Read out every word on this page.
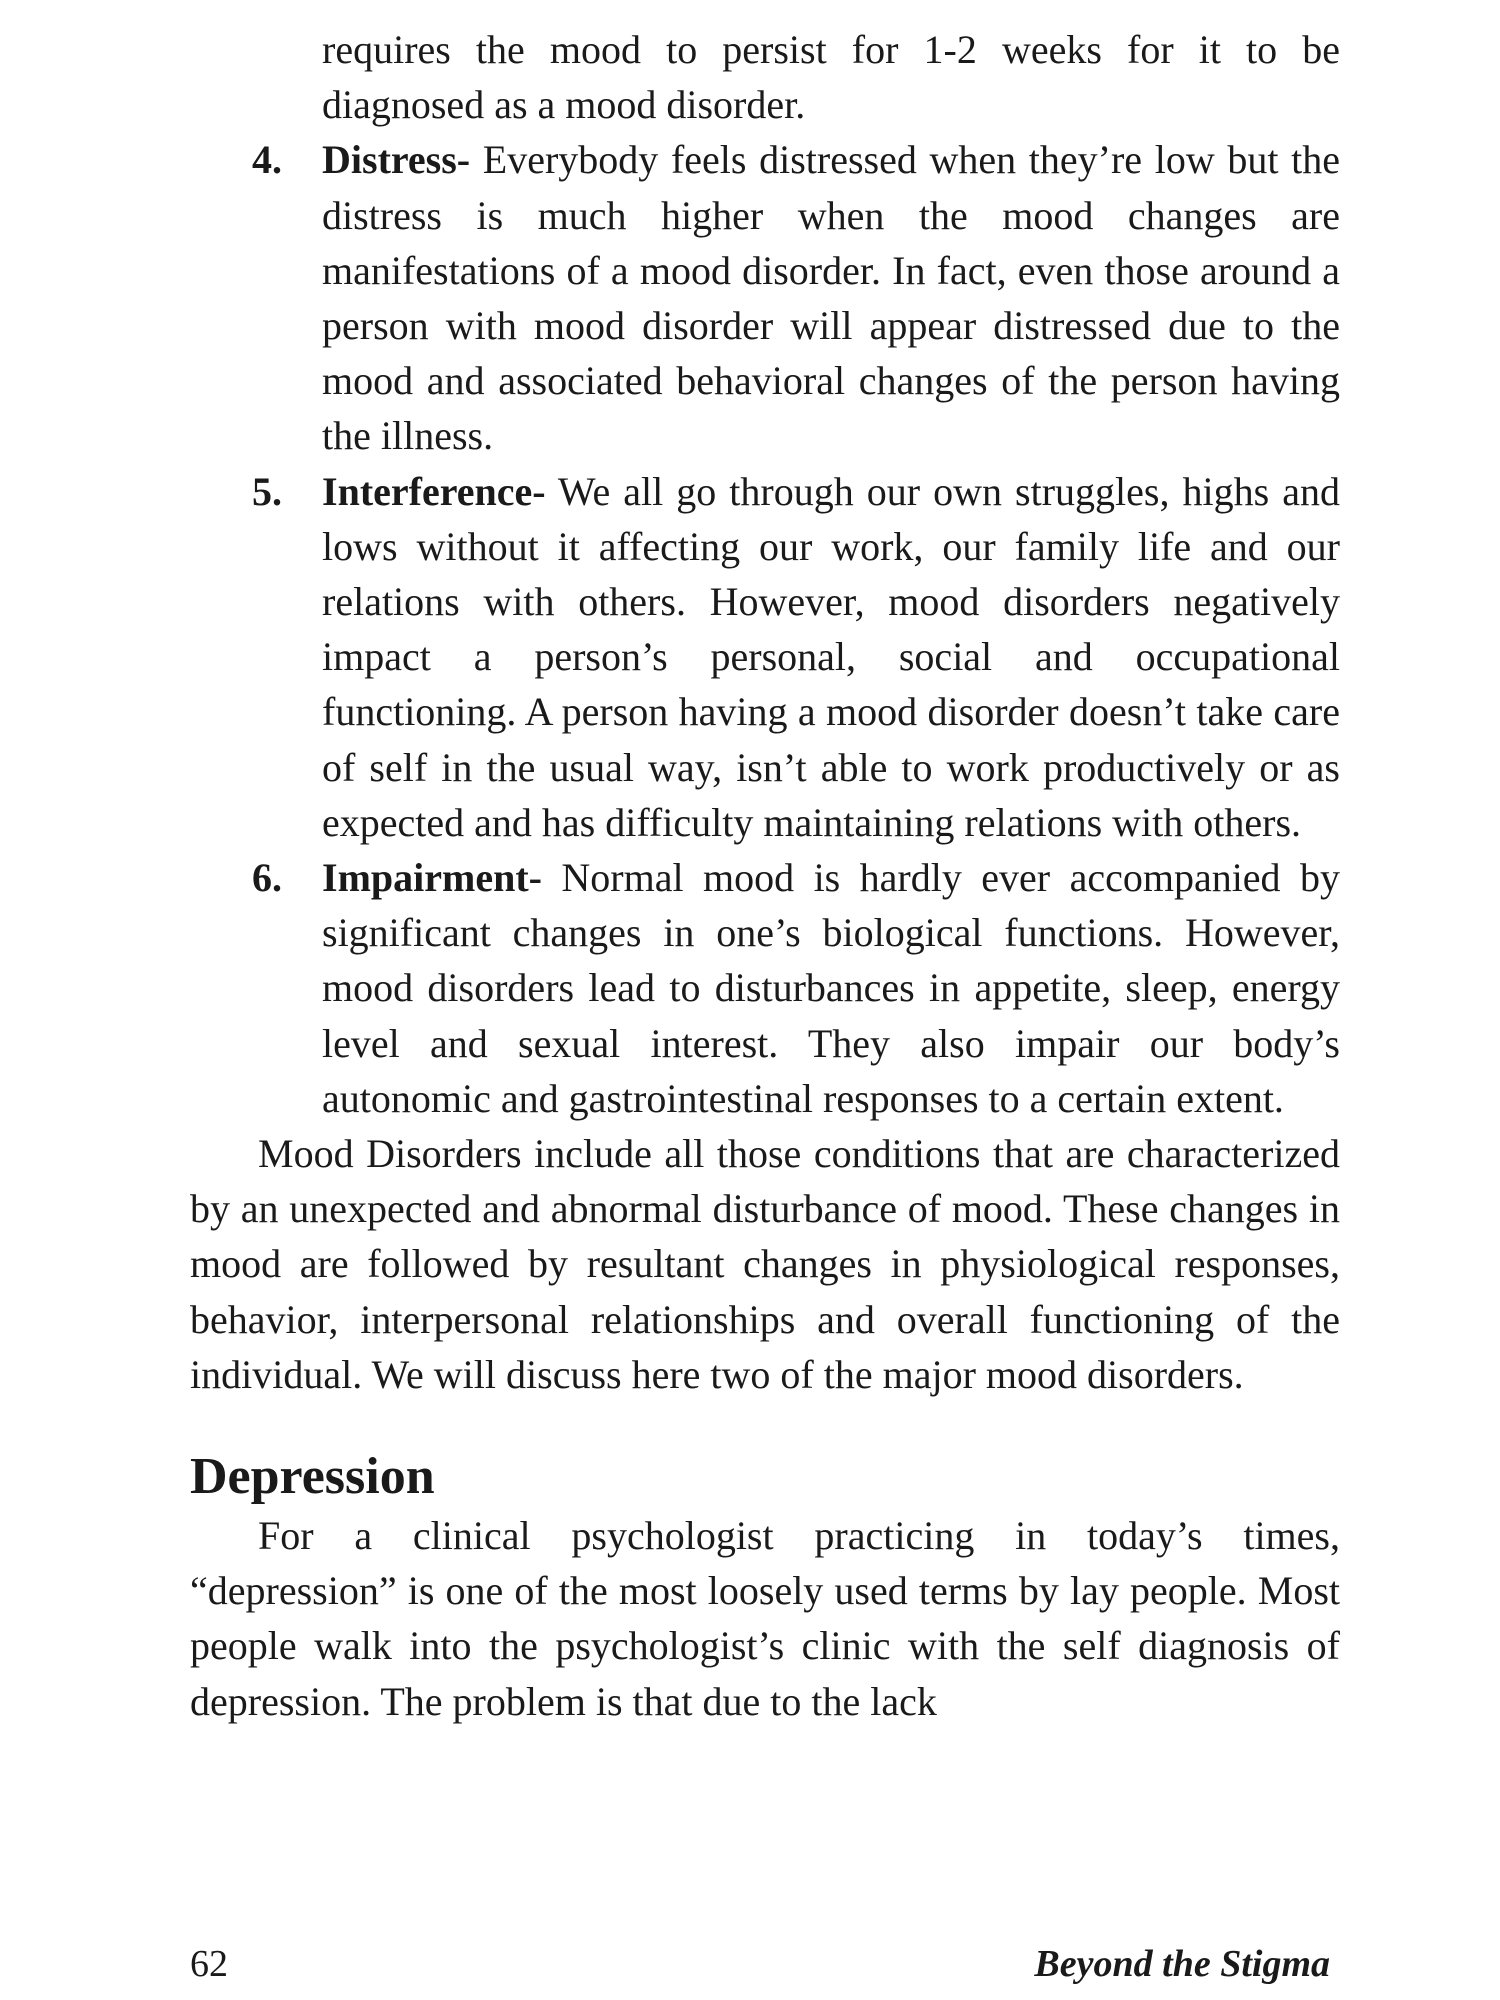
requires the mood to persist for 1-2 weeks for it to be diagnosed as a mood disorder.

4. Distress- Everybody feels distressed when they’re low but the distress is much higher when the mood changes are manifestations of a mood disorder. In fact, even those around a person with mood disorder will appear distressed due to the mood and associated behavioral changes of the person having the illness.
5. Interference- We all go through our own struggles, highs and lows without it affecting our work, our family life and our relations with others. However, mood disorders negatively impact a person’s personal, social and occupational functioning. A person having a mood disorder doesn’t take care of self in the usual way, isn’t able to work productively or as expected and has difficulty maintaining relations with others.
6. Impairment- Normal mood is hardly ever accompanied by significant changes in one’s biological functions. However, mood disorders lead to disturbances in appetite, sleep, energy level and sexual interest. They also impair our body’s autonomic and gastrointestinal responses to a certain extent.

Mood Disorders include all those conditions that are characterized by an unexpected and abnormal disturbance of mood. These changes in mood are followed by resultant changes in physiological responses, behavior, interpersonal relationships and overall functioning of the individual. We will discuss here two of the major mood disorders.

Depression

For a clinical psychologist practicing in today’s times, “depression” is one of the most loosely used terms by lay people. Most people walk into the psychologist’s clinic with the self diagnosis of depression. The problem is that due to the lack

62	Beyond the Stigma
